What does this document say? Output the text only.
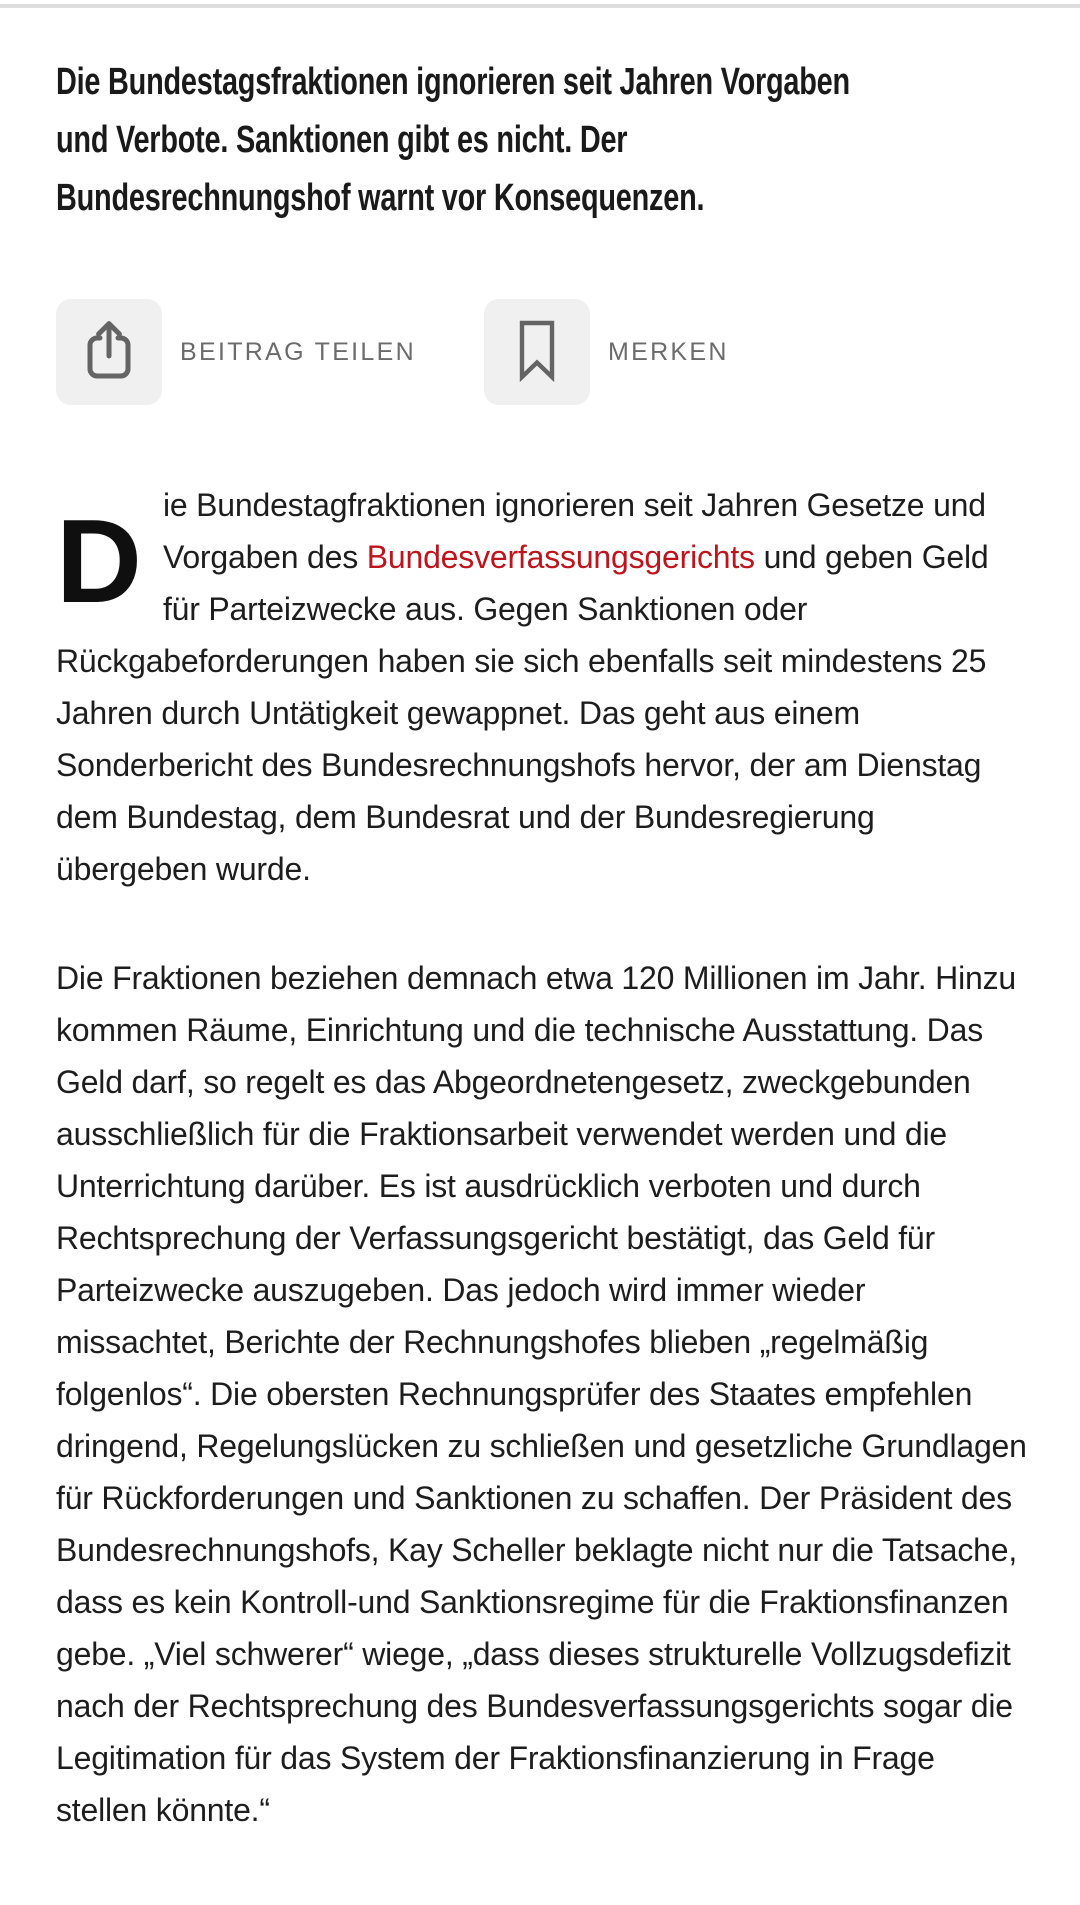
Die Bundestagsfraktionen ignorieren seit Jahren Vorgaben
und Verbote. Sanktionen gibt es nicht. Der
Bundesrechnungshof warnt vor Konsequenzen.
BEITRAG TEILEN	MERKEN

Die Bundestagfraktionen ignorieren seit Jahren Gesetze und Vorgaben des Bundesverfassungsgerichts und geben Geld für Parteizwecke aus. Gegen Sanktionen oder Rückgabeforderungen haben sie sich ebenfalls seit mindestens 25 Jahren durch Untätigkeit gewappnet. Das geht aus einem Sonderbericht des Bundesrechnungshofs hervor, der am Dienstag dem Bundestag, dem Bundesrat und der Bundesregierung übergeben wurde.

Die Fraktionen beziehen demnach etwa 120 Millionen im Jahr. Hinzu kommen Räume, Einrichtung und die technische Ausstattung. Das Geld darf, so regelt es das Abgeordnetengesetz, zweckgebunden ausschließlich für die Fraktionsarbeit verwendet werden und die Unterrichtung darüber. Es ist ausdrücklich verboten und durch Rechtsprechung der Verfassungsgericht bestätigt, das Geld für Parteizwecke auszugeben. Das jedoch wird immer wieder missachtet, Berichte der Rechnungshofes blieben „regelmäßig folgenlos“. Die obersten Rechnungsprüfer des Staates empfehlen dringend, Regelungslücken zu schließen und gesetzliche Grundlagen für Rückforderungen und Sanktionen zu schaffen. Der Präsident des Bundesrechnungshofs, Kay Scheller beklagte nicht nur die Tatsache, dass es kein Kontroll-und Sanktionsregime für die Fraktionsfinanzen gebe. „Viel schwerer“ wiege, „dass dieses strukturelle Vollzugsdefizit nach der Rechtsprechung des Bundesverfassungsgerichts sogar die Legitimation für das System der Fraktionsfinanzierung in Frage stellen könnte.“
